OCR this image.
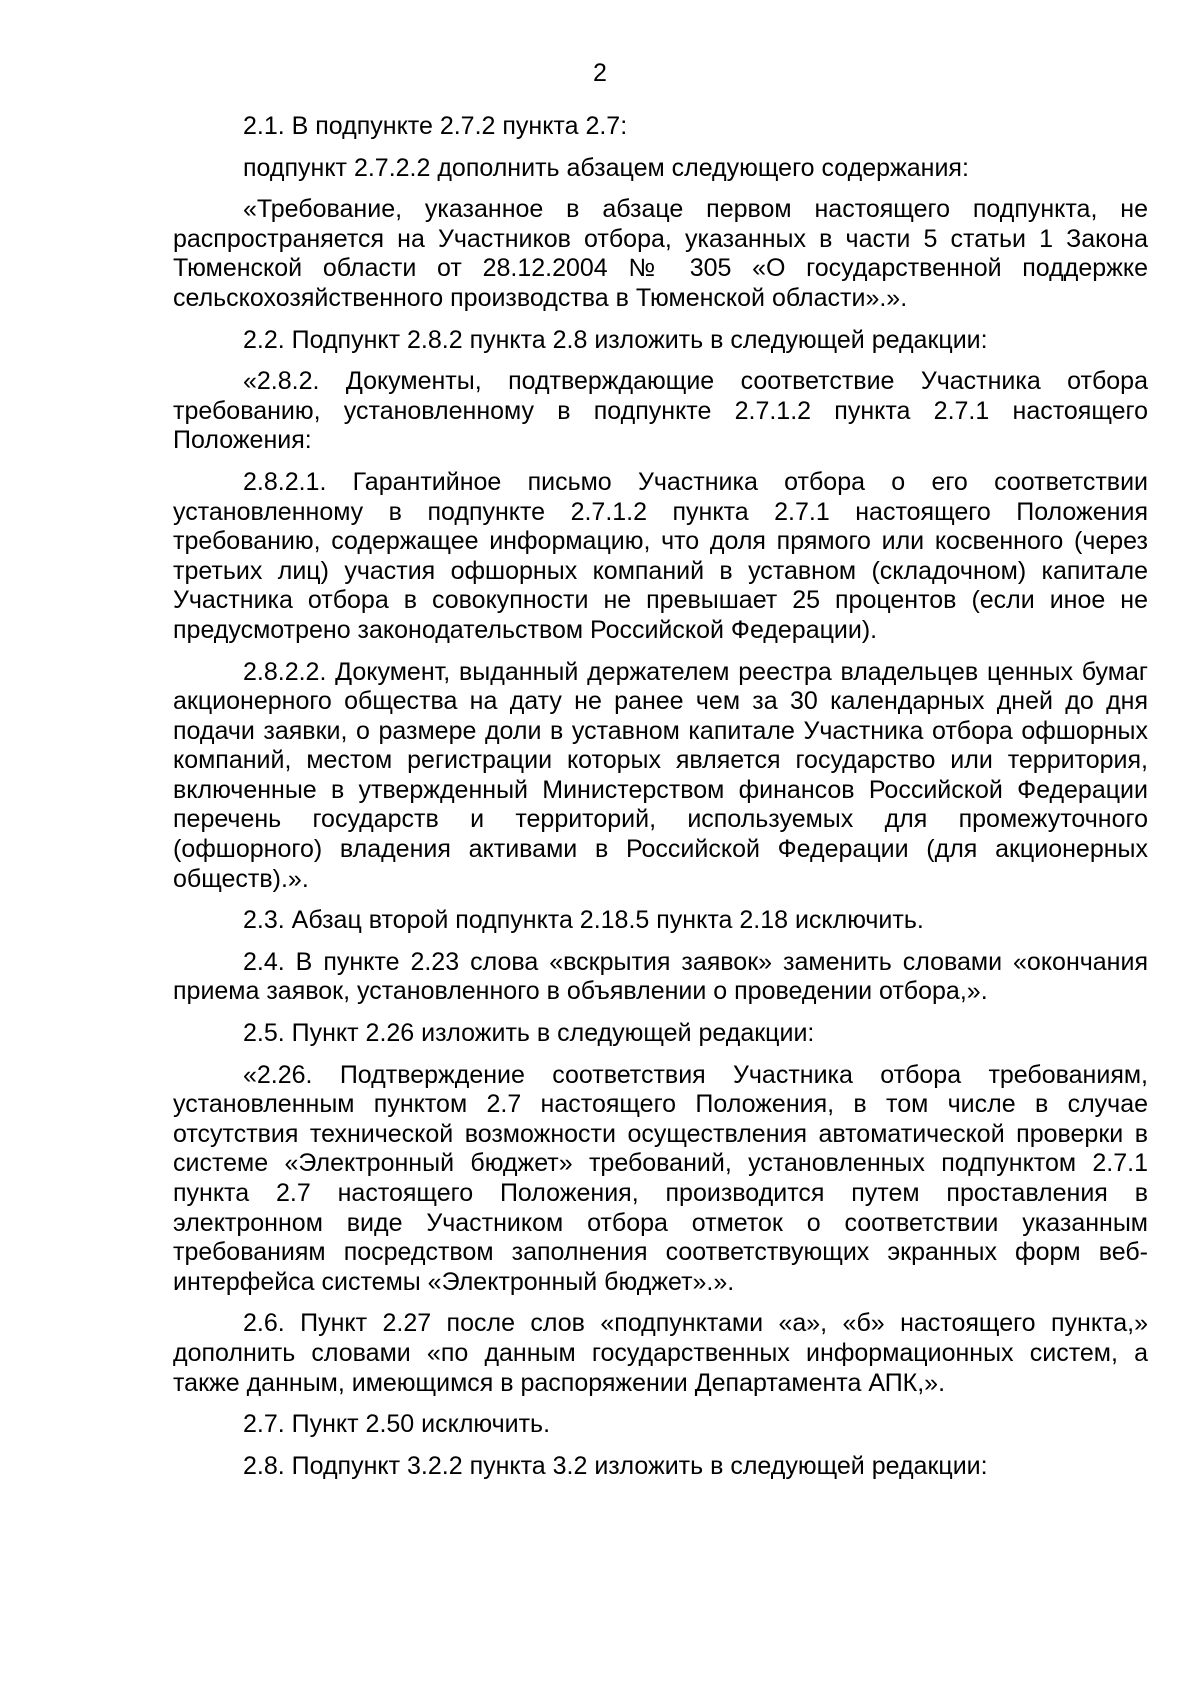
2

2.1. В подпункте 2.7.2 пункта 2.7:

подпункт 2.7.2.2 дополнить абзацем следующего содержания:

«Требование, указанное в абзаце первом настоящего подпункта, не распространяется на Участников отбора, указанных в части 5 статьи 1 Закона Тюменской области от 28.12.2004 № 305 «О государственной поддержке сельскохозяйственного производства в Тюменской области».».

2.2. Подпункт 2.8.2 пункта 2.8 изложить в следующей редакции:

«2.8.2. Документы, подтверждающие соответствие Участника отбора требованию, установленному в подпункте 2.7.1.2 пункта 2.7.1 настоящего Положения:

2.8.2.1. Гарантийное письмо Участника отбора о его соответствии установленному в подпункте 2.7.1.2 пункта 2.7.1 настоящего Положения требованию, содержащее информацию, что доля прямого или косвенного (через третьих лиц) участия офшорных компаний в уставном (складочном) капитале Участника отбора в совокупности не превышает 25 процентов (если иное не предусмотрено законодательством Российской Федерации).

2.8.2.2. Документ, выданный держателем реестра владельцев ценных бумаг акционерного общества на дату не ранее чем за 30 календарных дней до дня подачи заявки, о размере доли в уставном капитале Участника отбора офшорных компаний, местом регистрации которых является государство или территория, включенные в утвержденный Министерством финансов Российской Федерации перечень государств и территорий, используемых для промежуточного (офшорного) владения активами в Российской Федерации (для акционерных обществ).».

2.3. Абзац второй подпункта 2.18.5 пункта 2.18 исключить.

2.4. В пункте 2.23 слова «вскрытия заявок» заменить словами «окончания приема заявок, установленного в объявлении о проведении отбора,».

2.5. Пункт 2.26 изложить в следующей редакции:

«2.26. Подтверждение соответствия Участника отбора требованиям, установленным пунктом 2.7 настоящего Положения, в том числе в случае отсутствия технической возможности осуществления автоматической проверки в системе «Электронный бюджет» требований, установленных подпунктом 2.7.1 пункта 2.7 настоящего Положения, производится путем проставления в электронном виде Участником отбора отметок о соответствии указанным требованиям посредством заполнения соответствующих экранных форм веб-интерфейса системы «Электронный бюджет».».

2.6. Пункт 2.27 после слов «подпунктами «а», «б» настоящего пункта,» дополнить словами «по данным государственных информационных систем, а также данным, имеющимся в распоряжении Департамента АПК,».

2.7. Пункт 2.50 исключить.

2.8. Подпункт 3.2.2 пункта 3.2 изложить в следующей редакции:
